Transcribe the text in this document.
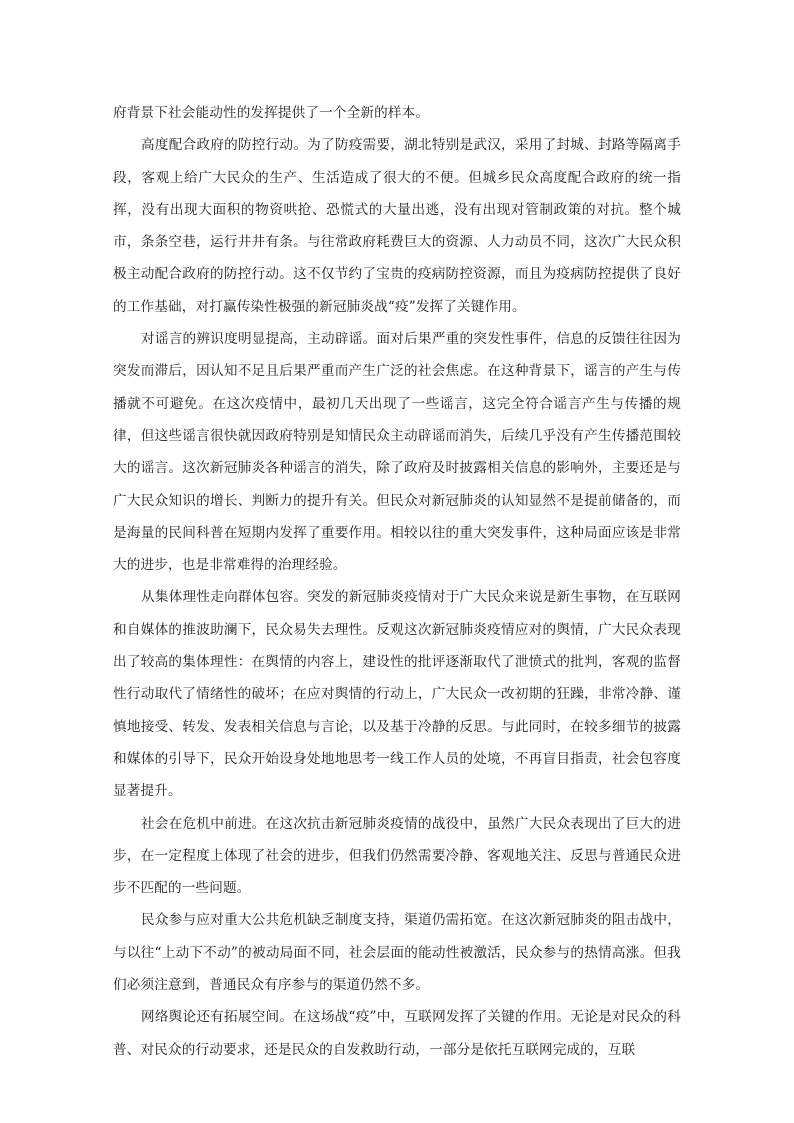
府背景下社会能动性的发挥提供了一个全新的样本。

高度配合政府的防控行动。为了防疫需要，湖北特别是武汉，采用了封城、封路等隔离手段，客观上给广大民众的生产、生活造成了很大的不便。但城乡民众高度配合政府的统一指挥，没有出现大面积的物资哄抢、恐慌式的大量出逃，没有出现对管制政策的对抗。整个城市，条条空巷，运行井井有条。与往常政府耗费巨大的资源、人力动员不同，这次广大民众积极主动配合政府的防控行动。这不仅节约了宝贵的疫病防控资源，而且为疫病防控提供了良好的工作基础，对打赢传染性极强的新冠肺炎战“疫”发挥了关键作用。

对谣言的辨识度明显提高，主动辟谣。面对后果严重的突发性事件，信息的反馈往往因为突发而滞后，因认知不足且后果严重而产生广泛的社会焦虑。在这种背景下，谣言的产生与传播就不可避免。在这次疫情中，最初几天出现了一些谣言，这完全符合谣言产生与传播的规律，但这些谣言很快就因政府特别是知情民众主动辟谣而消失，后续几乎没有产生传播范围较大的谣言。这次新冠肺炎各种谣言的消失，除了政府及时披露相关信息的影响外，主要还是与广大民众知识的增长、判断力的提升有关。但民众对新冠肺炎的认知显然不是提前储备的，而是海量的民间科普在短期内发挥了重要作用。相较以往的重大突发事件，这种局面应该是非常大的进步，也是非常难得的治理经验。

从集体理性走向群体包容。突发的新冠肺炎疫情对于广大民众来说是新生事物，在互联网和自媒体的推波助澜下，民众易失去理性。反观这次新冠肺炎疫情应对的舆情，广大民众表现出了较高的集体理性：在舆情的内容上，建设性的批评逐渐取代了泄愤式的批判，客观的监督性行动取代了情绪性的破坏；在应对舆情的行动上，广大民众一改初期的狂躁，非常冷静、谨慎地接受、转发、发表相关信息与言论，以及基于冷静的反思。与此同时，在较多细节的披露和媒体的引导下，民众开始设身处地地思考一线工作人员的处境，不再盲目指责，社会包容度显著提升。

社会在危机中前进。在这次抗击新冠肺炎疫情的战役中，虽然广大民众表现出了巨大的进步，在一定程度上体现了社会的进步，但我们仍然需要冷静、客观地关注、反思与普通民众进步不匹配的一些问题。

民众参与应对重大公共危机缺乏制度支持，渠道仍需拓宽。在这次新冠肺炎的阻击战中，与以往“上动下不动”的被动局面不同，社会层面的能动性被激活，民众参与的热情高涨。但我们必须注意到，普通民众有序参与的渠道仍然不多。

网络舆论还有拓展空间。在这场战“疫”中，互联网发挥了关键的作用。无论是对民众的科普、对民众的行动要求，还是民众的自发救助行动，一部分是依托互联网完成的，互联
